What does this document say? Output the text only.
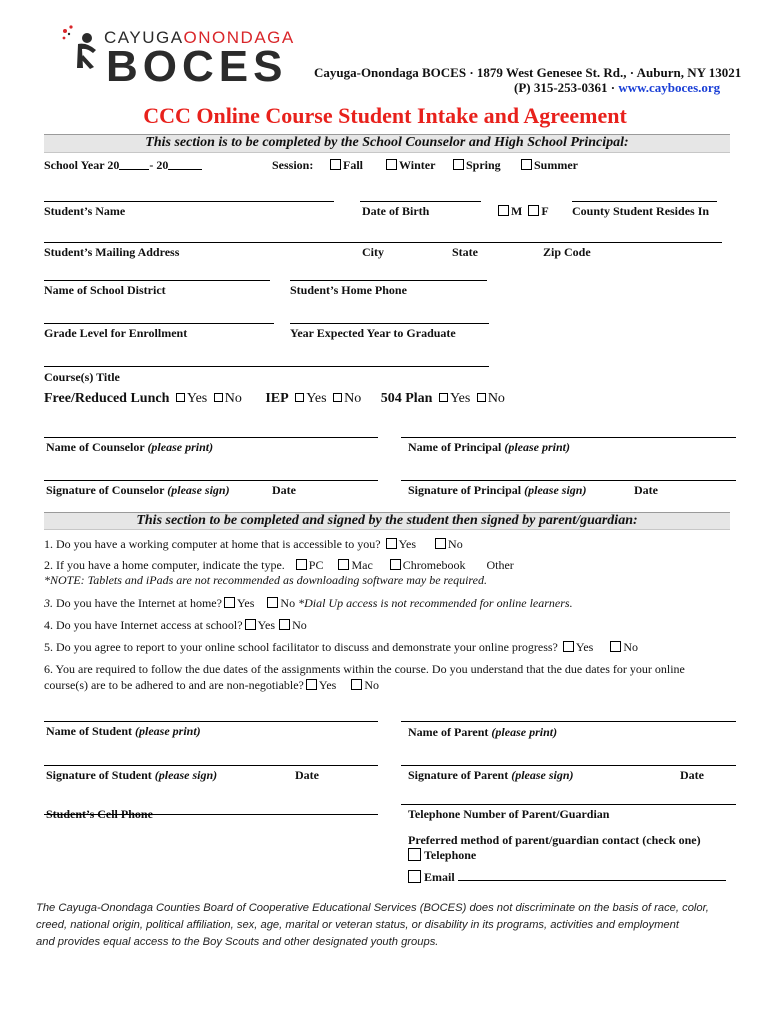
CAYUGAONONDAGA
BOCES Cayuga-Onondaga BOCES · 1879 West Genesee St. Rd., · Auburn, NY 13021
(P) 315-253-0361 · www.cayboces.org
CCC Online Course Student Intake and Agreement
This section is to be completed by the School Counselor and High School Principal:
School Year 20	- 20	Session:	Fall	Winter	Spring	Summer
Student’s Name	Date of Birth	M F County Student Resides In
Student’s Mailing Address	City	State	Zip Code
Name of School District	Student’s Home Phone
Grade Level for Enrollment	Year Expected Year to Graduate
Course(s) Title
Free/Reduced Lunch Yes No IEP Yes No 504 Plan Yes No
Name of Counselor (please print)	Name of Principal (please print)
Signature of Counselor (please sign)	Date	Signature of Principal (please sign)	Date
This section to be completed and signed by the student then signed by parent/guardian:
1. Do you have a working computer at home that is accessible to you? Yes	No
2. If you have a home computer, indicate the type. PC Mac	Chromebook Other
*NOTE: Tablets and iPads are not recommended as downloading software may be required.
3. Do you have the Internet at home? Yes No *Dial Up access is not recommended for online learners.
4. Do you have Internet access at school? Yes No
5. Do you agree to report to your online school facilitator to discuss and demonstrate your online progress? Yes	No
6. You are required to follow the due dates of the assignments within the course. Do you understand that the due dates for your online
course(s) are to be adhered to and are non-negotiable? Yes No
Name of Student (please print)	Name of Parent (please print)
Signature of Student (please sign)	Date	Signature of Parent (please sign)	Date
Student’s Cell Phone	Telephone Number of Parent/Guardian
Preferred method of parent/guardian contact (check one)
Telephone
Email
The Cayuga-Onondaga Counties Board of Cooperative Educational Services (BOCES) does not discriminate on the basis of race, color,
creed, national origin, political affiliation, sex, age, marital or veteran status, or disability in its programs, activities and employment
and provides equal access to the Boy Scouts and other designated youth groups.
